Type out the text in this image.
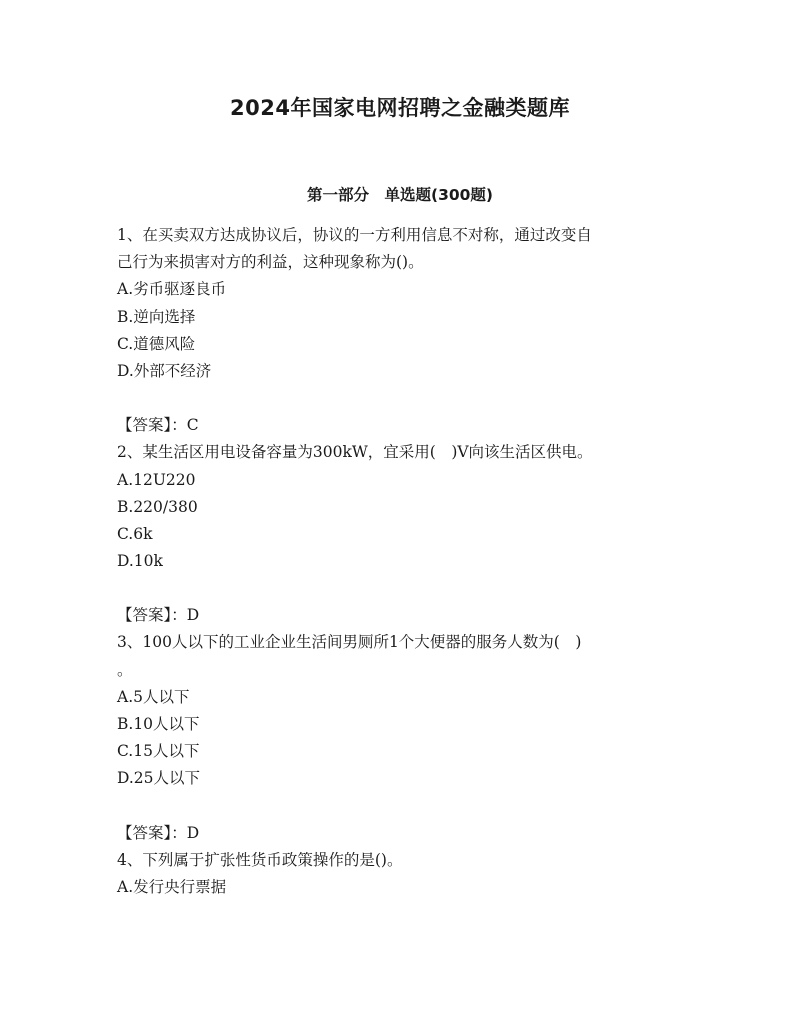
2024年国家电网招聘之金融类题库
第一部分　单选题(300题)
1、在买卖双方达成协议后，协议的一方利用信息不对称，通过改变自
己行为来损害对方的利益，这种现象称为()。
A.劣币驱逐良币
B.逆向选择
C.道德风险
D.外部不经济
【答案】：C
2、某生活区用电设备容量为300kW，宜采用(　)V向该生活区供电。
A.12U220
B.220/380
C.6k
D.10k
【答案】：D
3、100人以下的工业企业生活间男厕所1个大便器的服务人数为(　)
。
A.5人以下
B.10人以下
C.15人以下
D.25人以下
【答案】：D
4、下列属于扩张性货币政策操作的是()。
A.发行央行票据
